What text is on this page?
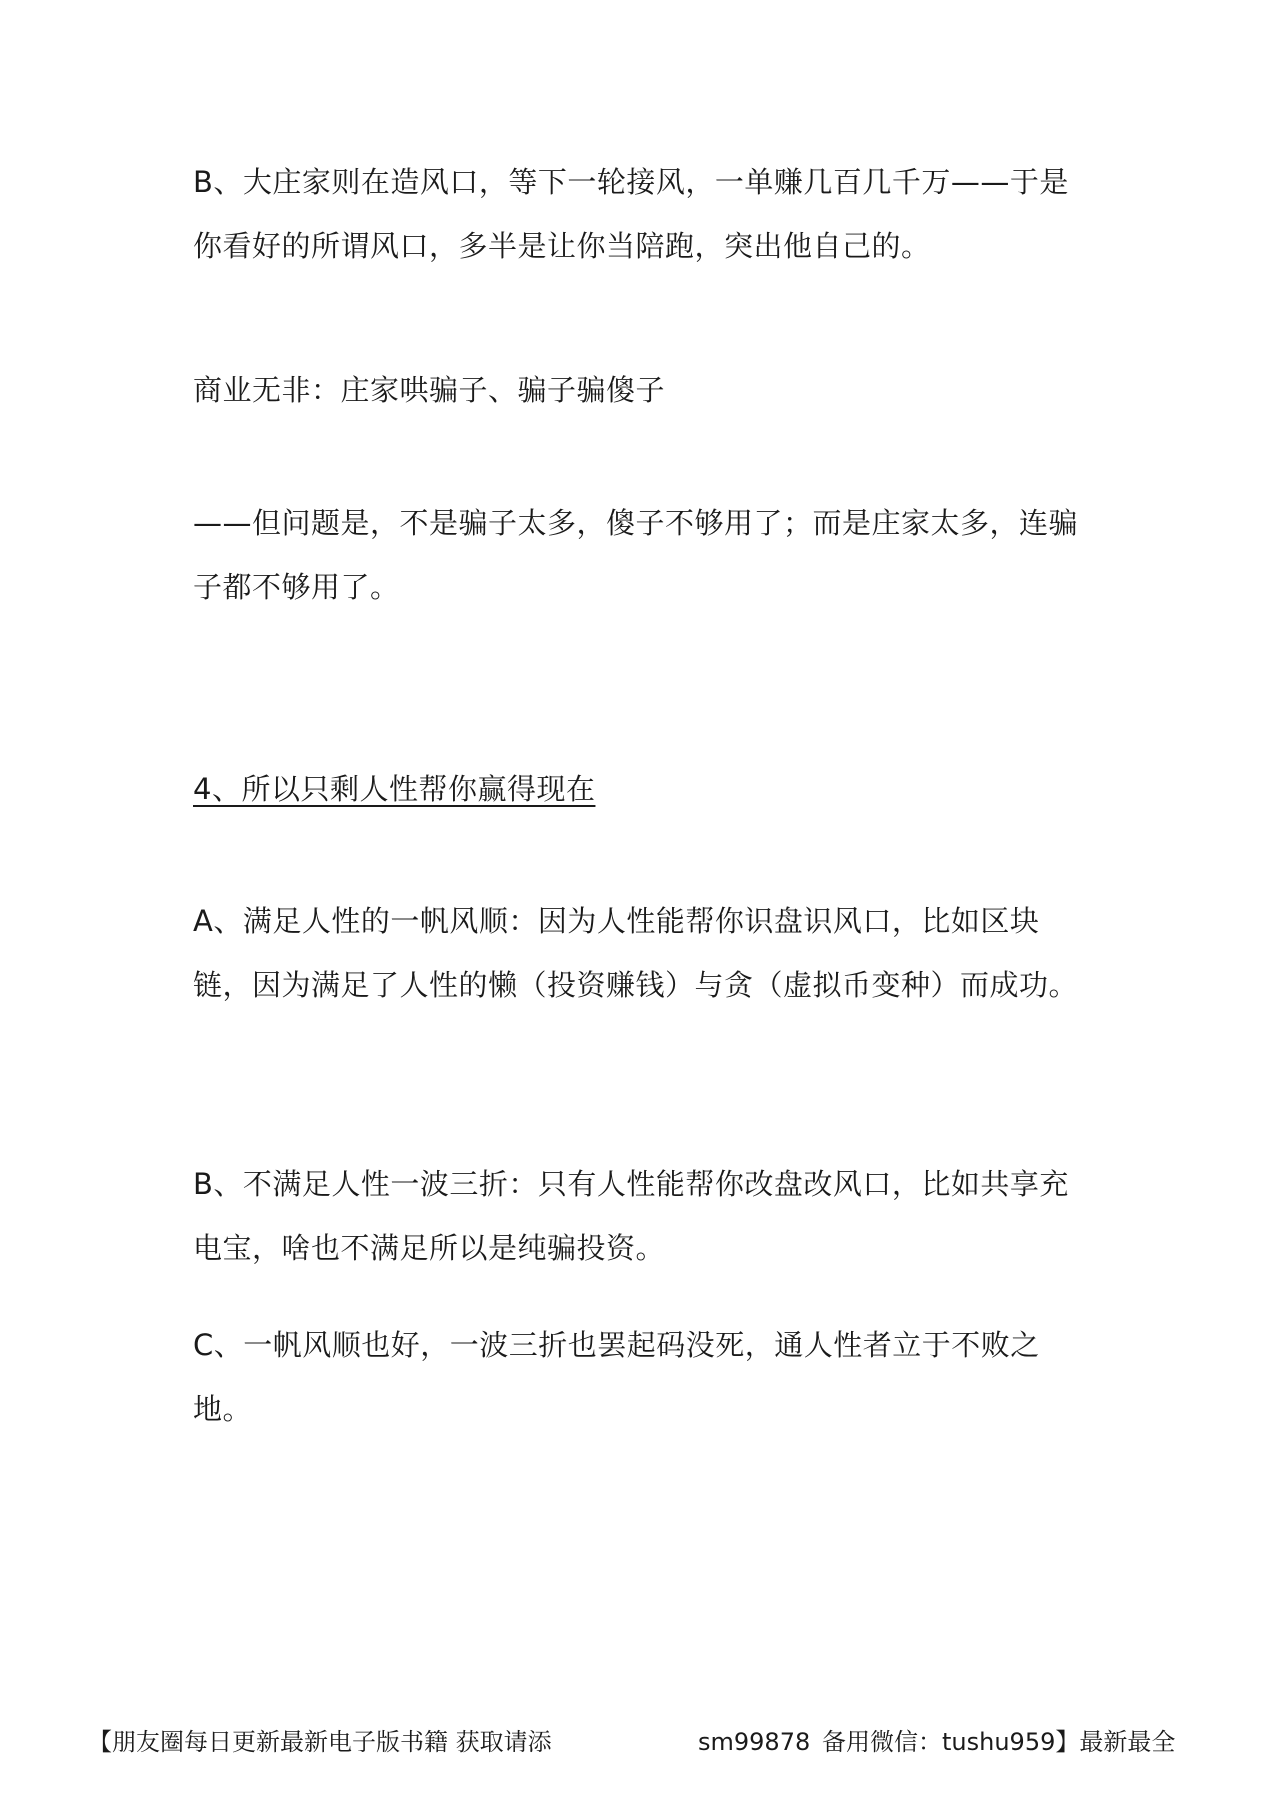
B、大庄家则在造风口，等下一轮接风，一单赚几百几千万——于是你看好的所谓风口，多半是让你当陪跑，突出他自己的。

商业无非：庄家哄骗子、骗子骗傻子

——但问题是，不是骗子太多，傻子不够用了；而是庄家太多，连骗子都不够用了。

4、所以只剩人性帮你赢得现在

A、满足人性的一帆风顺：因为人性能帮你识盘识风口，比如区块链，因为满足了人性的懒（投资赚钱）与贪（虚拟币变种）而成功。

B、不满足人性一波三折：只有人性能帮你改盘改风口，比如共享充电宝，啥也不满足所以是纯骗投资。

C、一帆风顺也好，一波三折也罢起码没死，通人性者立于不败之地。

【朋友圈每日更新最新电子版书籍 获取请添	sm99878 备用微信：tushu959】最新最全
